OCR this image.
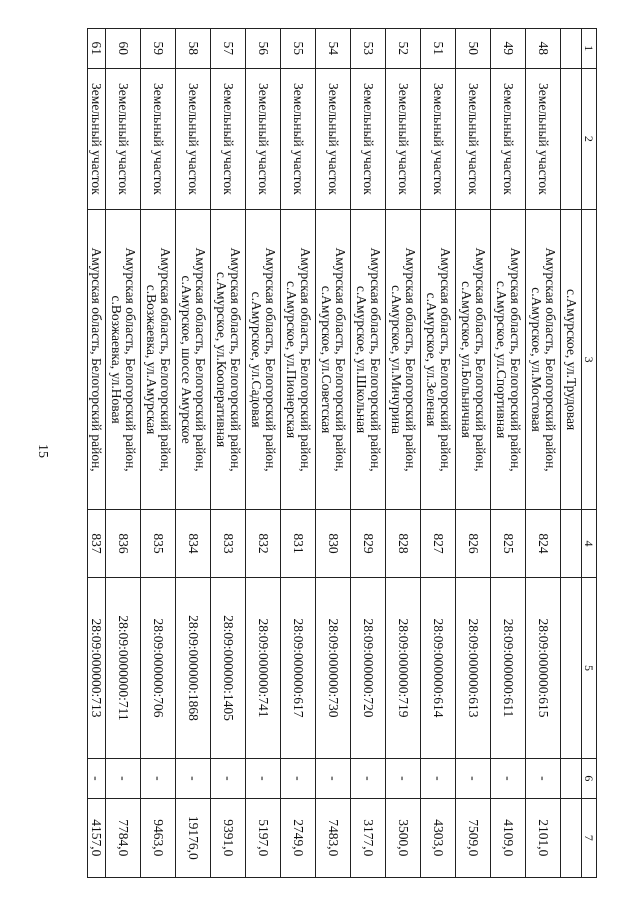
15
1	2	3	4	5	6	7
		с.Амурское, ул.Трудовая				
48	Земельный участок	Амурская область, Белогорский район,
с.Амурское, ул.Мостовая	824	28:09:000000:615	-	2101,0
49	Земельный участок	Амурская область, Белогорский район,
с.Амурское, ул.Спортивная	825	28:09:000000:611	-	4109,0
50	Земельный участок	Амурская область, Белогорский район,
с.Амурское, ул.Больничная	826	28:09:000000:613	-	7509,0
51	Земельный участок	Амурская область, Белогорский район,
с.Амурское, ул.Зеленая	827	28:09:000000:614	-	4303,0
52	Земельный участок	Амурская область, Белогорский район,
с.Амурское, ул.Мичурина	828	28:09:000000:719	-	3500,0
53	Земельный участок	Амурская область, Белогорский район,
с.Амурское, ул.Школьная	829	28:09:000000:720	-	3177,0
54	Земельный участок	Амурская область, Белогорский район,
с.Амурское, ул.Советская	830	28:09:000000:730	-	7483,0
55	Земельный участок	Амурская область, Белогорский район,
с.Амурское, ул.Пионерская	831	28:09:000000:617	-	2749,0
56	Земельный участок	Амурская область, Белогорский район,
с.Амурское, ул.Садовая	832	28:09:000000:741	-	5197,0
57	Земельный участок	Амурская область, Белогорский район,
с.Амурское, ул.Кооперативная	833	28:09:000000:1405	-	9391,0
58	Земельный участок	Амурская область, Белогорский район,
с.Амурское, шоссе Амурское	834	28:09:000000:1868	-	19176,0
59	Земельный участок	Амурская область, Белогорский район,
с.Возжаевка, ул.Амурская	835	28:09:000000:706	-	9463,0
60	Земельный участок	Амурская область, Белогорский район,
с.Возжаевка, ул.Новая	836	28:09:0000000:711	-	7784,0
61	Земельный участок	Амурская область, Белогорский район,	837	28:09:000000:713	-	4157,0
